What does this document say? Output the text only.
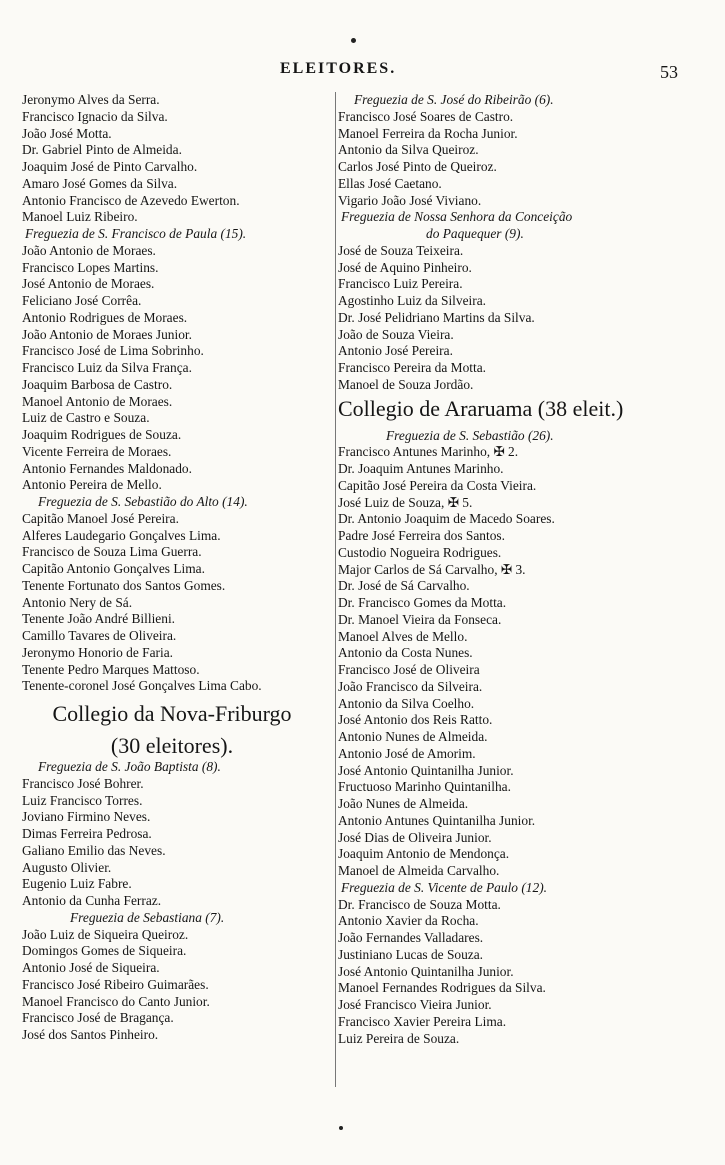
ELEITORES.	53
Jeronymo Alves da Serra.
Francisco Ignacio da Silva.
João José Motta.
Dr. Gabriel Pinto de Almeida.
Joaquim José de Pinto Carvalho.
Amaro José Gomes da Silva.
Antonio Francisco de Azevedo Ewerton.
Manoel Luiz Ribeiro.
Freguezia de S. Francisco de Paula (15).
João Antonio de Moraes.
Francisco Lopes Martins.
José Antonio de Moraes.
Feliciano José Corrêa.
Antonio Rodrigues de Moraes.
João Antonio de Moraes Junior.
Francisco José de Lima Sobrinho.
Francisco Luiz da Silva França.
Joaquim Barbosa de Castro.
Manoel Antonio de Moraes.
Luiz de Castro e Souza.
Joaquim Rodrigues de Souza.
Vicente Ferreira de Moraes.
Antonio Fernandes Maldonado.
Antonio Pereira de Mello.
Freguezia de S. Sebastião do Alto (14).
Capitão Manoel José Pereira.
Alferes Laudegario Gonçalves Lima.
Francisco de Souza Lima Guerra.
Capitão Antonio Gonçalves Lima.
Tenente Fortunato dos Santos Gomes.
Antonio Nery de Sá.
Tenente João André Billieni.
Camillo Tavares de Oliveira.
Jeronymo Honorio de Faria.
Tenente Pedro Marques Mattoso.
Tenente-coronel José Gonçalves Lima Cabo.
Collegio da Nova-Friburgo
(30 eleitores).
Freguezia de S. João Baptista (8).
Francisco José Bohrer.
Luiz Francisco Torres.
Joviano Firmino Neves.
Dimas Ferreira Pedrosa.
Galiano Emilio das Neves.
Augusto Olivier.
Eugenio Luiz Fabre.
Antonio da Cunha Ferraz.
Freguezia de Sebastiana (7).
João Luiz de Siqueira Queiroz.
Domingos Gomes de Siqueira.
Antonio José de Siqueira.
Francisco José Ribeiro Guimarães.
Manoel Francisco do Canto Junior.
Francisco José de Bragança.
José dos Santos Pinheiro.
Freguezia de S. José do Ribeirão (6).
Francisco José Soares de Castro.
Manoel Ferreira da Rocha Junior.
Antonio da Silva Queiroz.
Carlos José Pinto de Queiroz.
Ellas José Caetano.
Vigario João José Viviano.
Freguezia de Nossa Senhora da Conceição
do Paquequer (9).
José de Souza Teixeira.
José de Aquino Pinheiro.
Francisco Luiz Pereira.
Agostinho Luiz da Silveira.
Dr. José Pelidriano Martins da Silva.
João de Souza Vieira.
Antonio José Pereira.
Francisco Pereira da Motta.
Manoel de Souza Jordão.
Collegio de Araruama (38 eleit.)
Freguezia de S. Sebastião (26).
Francisco Antunes Marinho, ✠ 2.
Dr. Joaquim Antunes Marinho.
Capitão José Pereira da Costa Vieira.
José Luiz de Souza, ✠ 5.
Dr. Antonio Joaquim de Macedo Soares.
Padre José Ferreira dos Santos.
Custodio Nogueira Rodrigues.
Major Carlos de Sá Carvalho, ✠ 3.
Dr. José de Sá Carvalho.
Dr. Francisco Gomes da Motta.
Dr. Manoel Vieira da Fonseca.
Manoel Alves de Mello.
Antonio da Costa Nunes.
Francisco José de Oliveira
João Francisco da Silveira.
Antonio da Silva Coelho.
José Antonio dos Reis Ratto.
Antonio Nunes de Almeida.
Antonio José de Amorim.
José Antonio Quintanilha Junior.
Fructuoso Marinho Quintanilha.
João Nunes de Almeida.
Antonio Antunes Quintanilha Junior.
José Dias de Oliveira Junior.
Joaquim Antonio de Mendonça.
Manoel de Almeida Carvalho.
Freguezia de S. Vicente de Paulo (12).
Dr. Francisco de Souza Motta.
Antonio Xavier da Rocha.
João Fernandes Valladares.
Justiniano Lucas de Souza.
José Antonio Quintanilha Junior.
Manoel Fernandes Rodrigues da Silva.
José Francisco Vieira Junior.
Francisco Xavier Pereira Lima.
Luiz Pereira de Souza.
